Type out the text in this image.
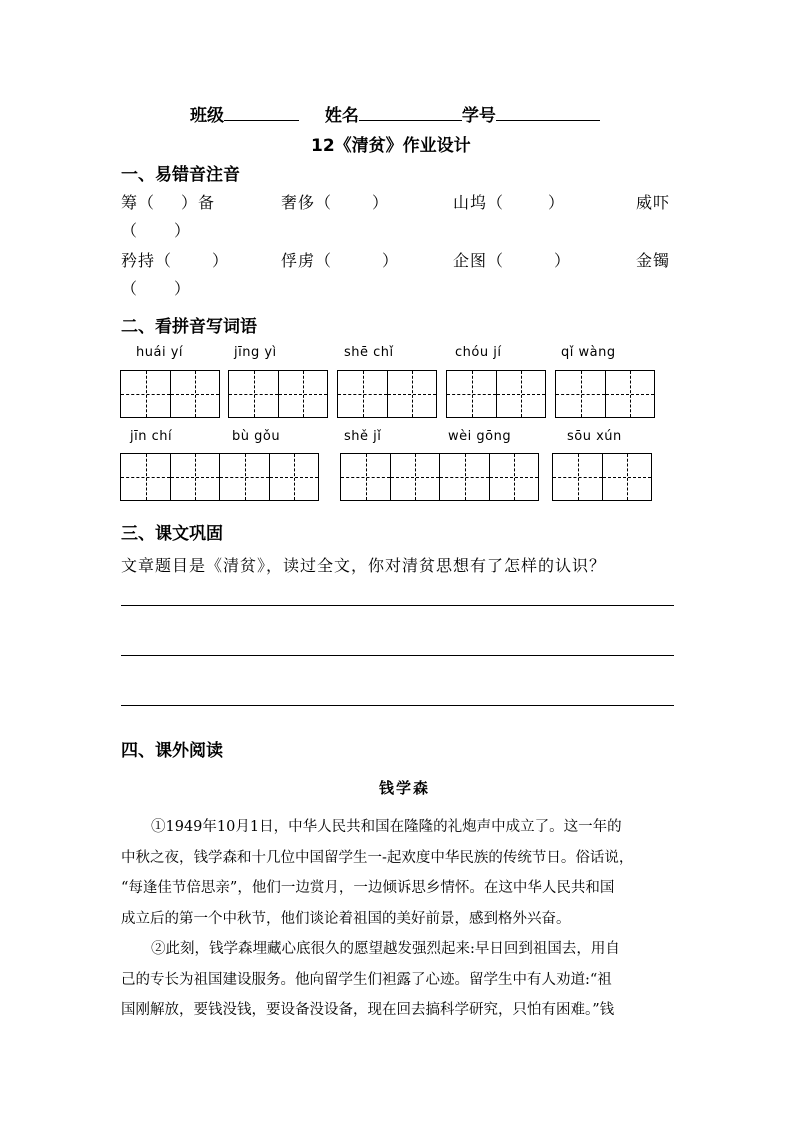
班级	姓名	学号
12《清贫》作业设计
一、易错音注音
筹（ ）备	奢侈（	）	山坞（	）	威吓
（ ）
矜持（	）	俘虏（	）	企图（	）	金镯
（ ）
二、看拼音写词语
huái yí	jīng yì	shē chǐ	chóu jí	qǐ wàng
jīn chí	bù gǒu	shě jǐ	wèi gōng	sōu xún
三、课文巩固
文章题目是《清贫》，读过全文，你对清贫思想有了怎样的认识？
四、课外阅读
钱学森
①1949年10月1日，中华人民共和国在隆隆的礼炮声中成立了。这一年的
中秋之夜，钱学森和十几位中国留学生一-起欢度中华民族的传统节日。俗话说，
“每逢佳节倍思亲”，他们一边赏月，一边倾诉思乡情怀。在这中华人民共和国
成立后的第一个中秋节，他们谈论着祖国的美好前景，感到格外兴奋。
②此刻，钱学森埋藏心底很久的愿望越发强烈起来:早日回到祖国去，用自
己的专长为祖国建设服务。他向留学生们袒露了心迹。留学生中有人劝道:“祖
国刚解放，要钱没钱，要设备没设备，现在回去搞科学研究，只怕有困难。”钱
